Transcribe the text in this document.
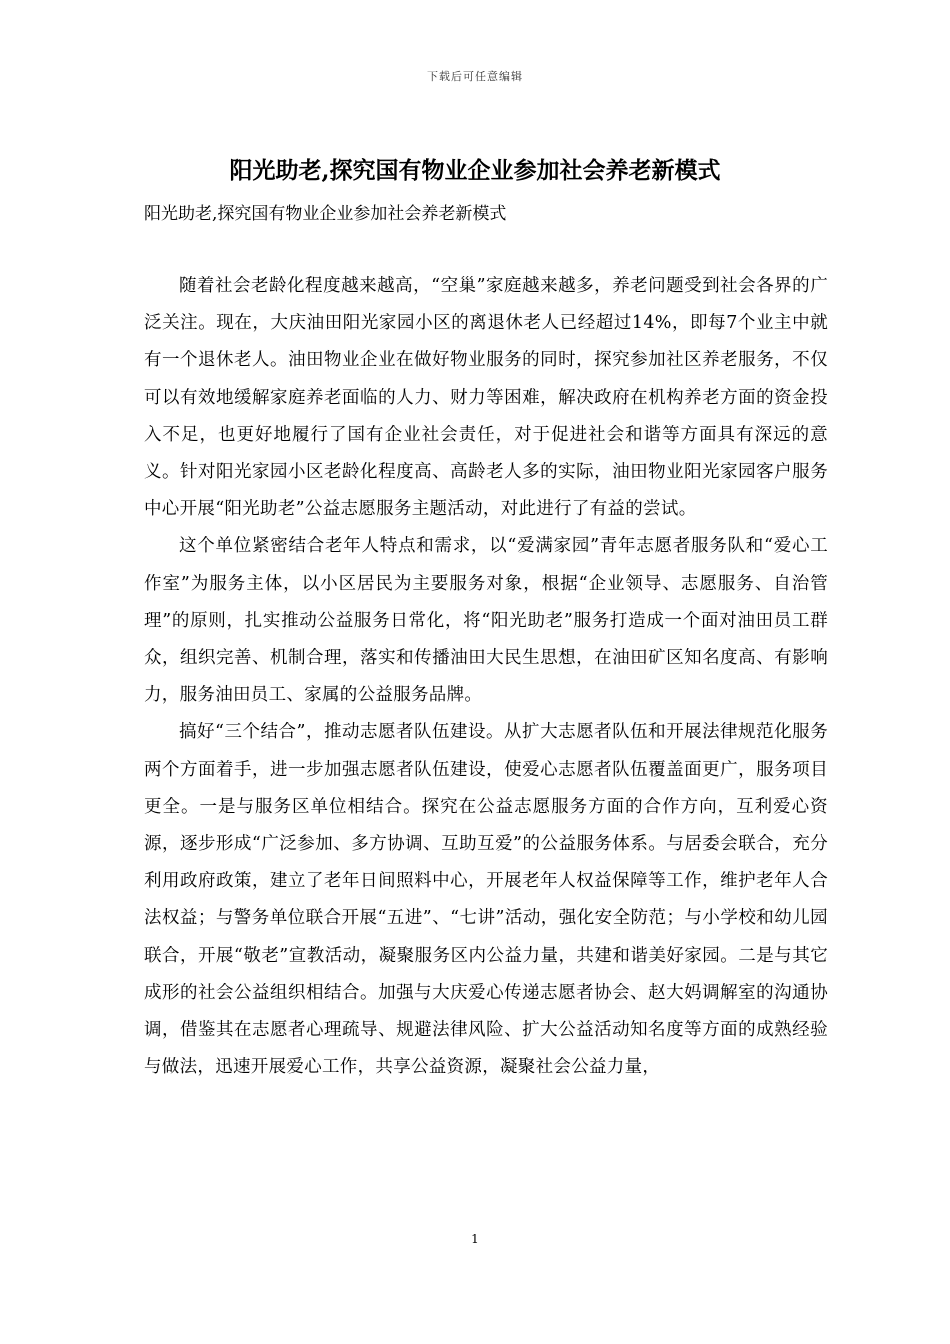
下载后可任意编辑
阳光助老,探究国有物业企业参加社会养老新模式

阳光助老,探究国有物业企业参加社会养老新模式

随着社会老龄化程度越来越高，“空巢”家庭越来越多，养老问题受到社会各界的广泛关注。现在，大庆油田阳光家园小区的离退休老人已经超过14%，即每7个业主中就有一个退休老人。油田物业企业在做好物业服务的同时，探究参加社区养老服务，不仅可以有效地缓解家庭养老面临的人力、财力等困难，解决政府在机构养老方面的资金投入不足，也更好地履行了国有企业社会责任，对于促进社会和谐等方面具有深远的意义。针对阳光家园小区老龄化程度高、高龄老人多的实际，油田物业阳光家园客户服务中心开展“阳光助老”公益志愿服务主题活动，对此进行了有益的尝试。

这个单位紧密结合老年人特点和需求，以“爱满家园”青年志愿者服务队和“爱心工作室”为服务主体，以小区居民为主要服务对象，根据“企业领导、志愿服务、自治管理”的原则，扎实推动公益服务日常化，将“阳光助老”服务打造成一个面对油田员工群众，组织完善、机制合理，落实和传播油田大民生思想，在油田矿区知名度高、有影响力，服务油田员工、家属的公益服务品牌。

搞好“三个结合”，推动志愿者队伍建设。从扩大志愿者队伍和开展法律规范化服务两个方面着手，进一步加强志愿者队伍建设，使爱心志愿者队伍覆盖面更广，服务项目更全。一是与服务区单位相结合。探究在公益志愿服务方面的合作方向，互利爱心资源，逐步形成“广泛参加、多方协调、互助互爱”的公益服务体系。与居委会联合，充分利用政府政策，建立了老年日间照料中心，开展老年人权益保障等工作，维护老年人合法权益；与警务单位联合开展“五进”、“七讲”活动，强化安全防范；与小学校和幼儿园联合，开展“敬老”宣教活动，凝聚服务区内公益力量，共建和谐美好家园。二是与其它成形的社会公益组织相结合。加强与大庆爱心传递志愿者协会、赵大妈调解室的沟通协调，借鉴其在志愿者心理疏导、规避法律风险、扩大公益活动知名度等方面的成熟经验与做法，迅速开展爱心工作，共享公益资源，凝聚社会公益力量，

1
